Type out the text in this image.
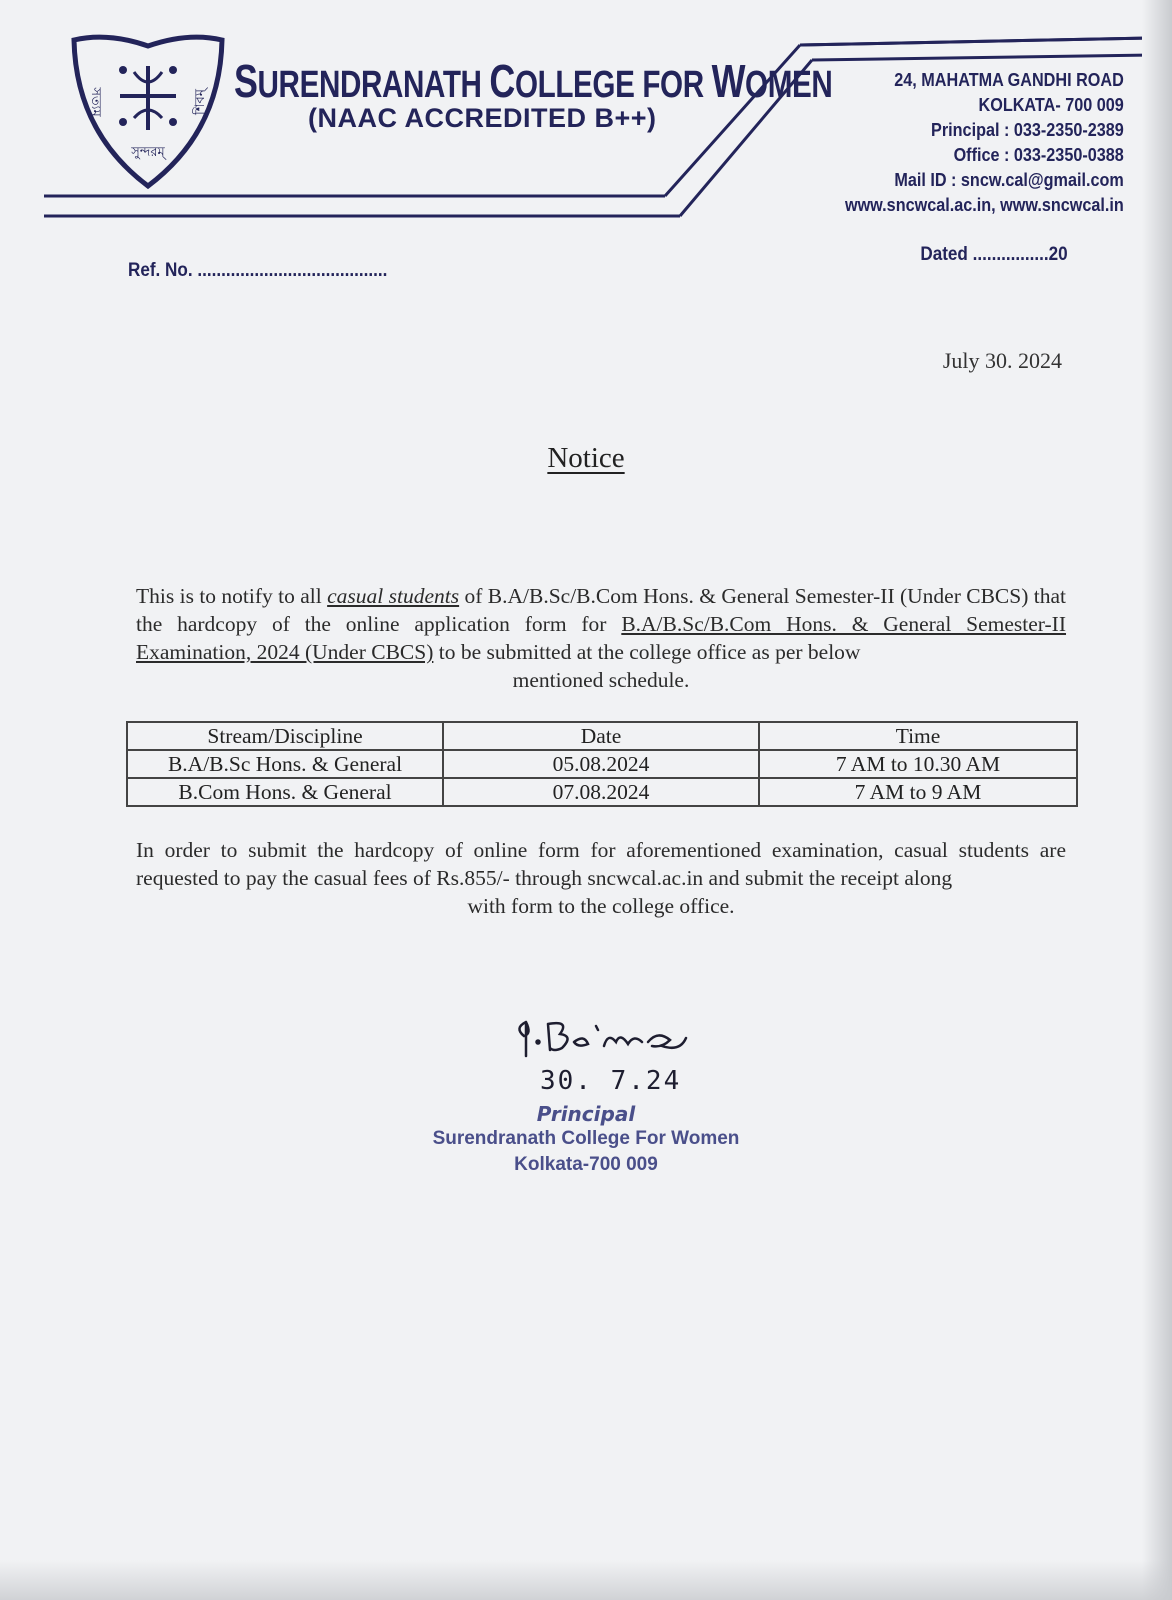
সত্যম	শিবম্
সুন্দরম্
SURENDRANATH COLLEGE FOR WOMEN
(NAAC ACCREDITED B++)
24, MAHATMA GANDHI ROAD
KOLKATA- 700 009
Principal : 033-2350-2389
Office : 033-2350-0388
Mail ID : sncw.cal@gmail.com
www.sncwcal.ac.in, www.sncwcal.in
Ref. No. ........................................
Dated ................20
July 30. 2024
Notice
This is to notify to all casual students of B.A/B.Sc/B.Com Hons. & General Semester-II (Under CBCS) that the hardcopy of the online application form for B.A/B.Sc/B.Com Hons. & General Semester-II Examination, 2024 (Under CBCS) to be submitted at the college office as per below
mentioned schedule.
Stream/Discipline	Date	Time
B.A/B.Sc Hons. & General	05.08.2024	7 AM to 10.30 AM
B.Com Hons. & General	07.08.2024	7 AM to 9 AM
In order to submit the hardcopy of online form for aforementioned examination, casual students are requested to pay the casual fees of Rs.855/- through sncwcal.ac.in and submit the receipt along
with form to the college office.
30. 7.24
Principal
Surendranath College For Women
Kolkata-700 009
